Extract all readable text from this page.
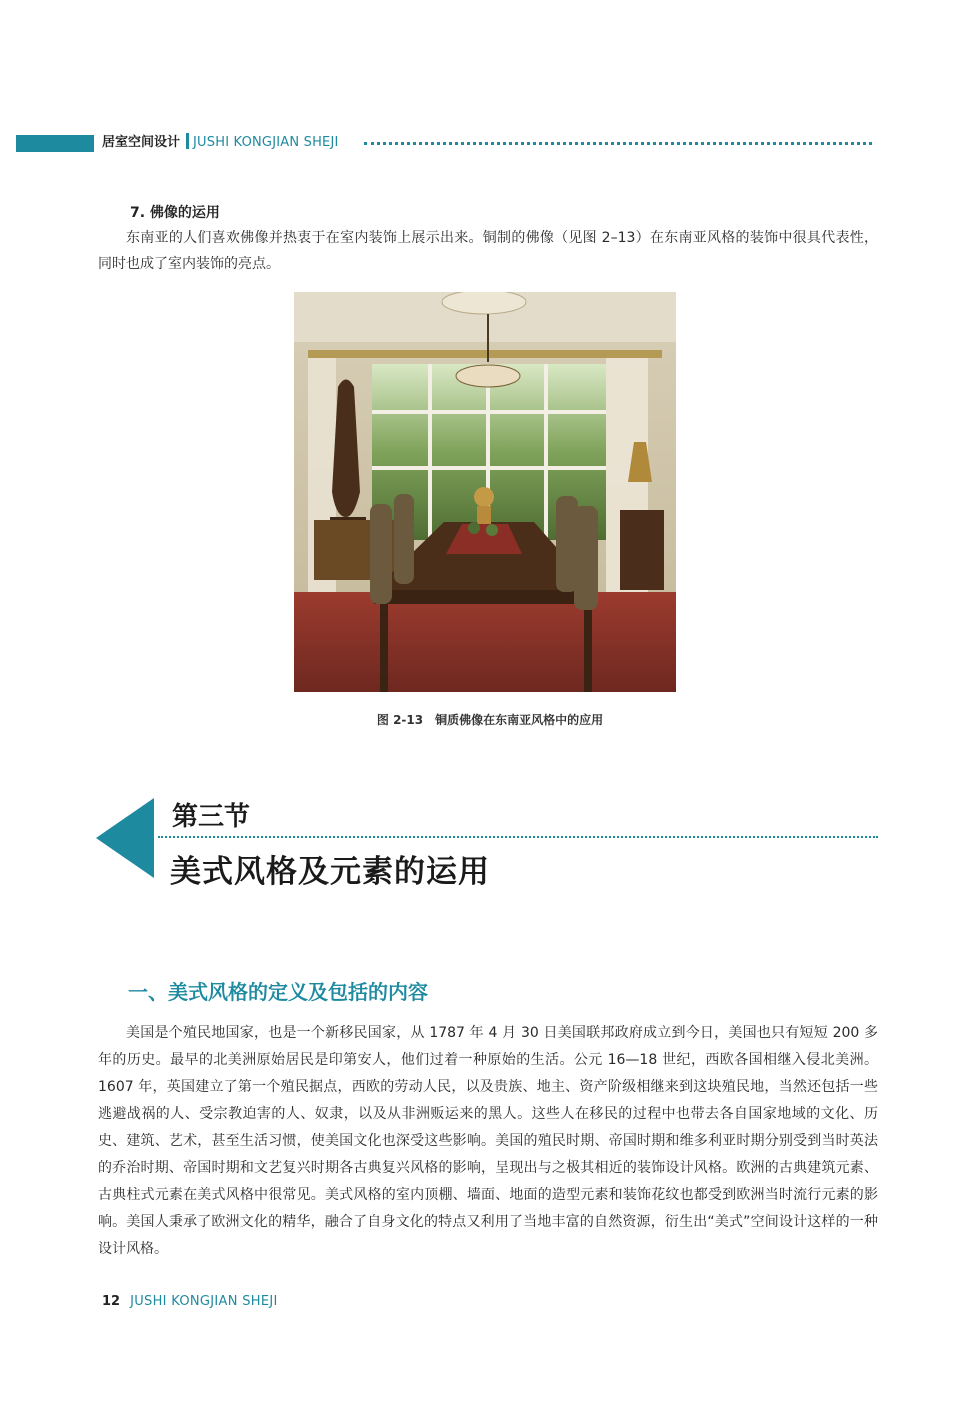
居室空间设计 JUSHI KONGJIAN SHEJI
7. 佛像的运用
东南亚的人们喜欢佛像并热衷于在室内装饰上展示出来。铜制的佛像（见图 2–13）在东南亚风格的装饰中很具代表性，同时也成了室内装饰的亮点。
图 2-13　铜质佛像在东南亚风格中的应用
第三节
美式风格及元素的运用
一、美式风格的定义及包括的内容
美国是个殖民地国家，也是一个新移民国家，从 1787 年 4 月 30 日美国联邦政府成立到今日，美国也只有短短 200 多年的历史。最早的北美洲原始居民是印第安人，他们过着一种原始的生活。公元 16—18 世纪，西欧各国相继入侵北美洲。1607 年，英国建立了第一个殖民据点，西欧的劳动人民，以及贵族、地主、资产阶级相继来到这块殖民地，当然还包括一些逃避战祸的人、受宗教迫害的人、奴隶，以及从非洲贩运来的黑人。这些人在移民的过程中也带去各自国家地域的文化、历史、建筑、艺术，甚至生活习惯，使美国文化也深受这些影响。美国的殖民时期、帝国时期和维多利亚时期分别受到当时英法的乔治时期、帝国时期和文艺复兴时期各古典复兴风格的影响，呈现出与之极其相近的装饰设计风格。欧洲的古典建筑元素、古典柱式元素在美式风格中很常见。美式风格的室内顶棚、墙面、地面的造型元素和装饰花纹也都受到欧洲当时流行元素的影响。美国人秉承了欧洲文化的精华，融合了自身文化的特点又利用了当地丰富的自然资源，衍生出“美式”空间设计这样的一种设计风格。
12 JUSHI KONGJIAN SHEJI
